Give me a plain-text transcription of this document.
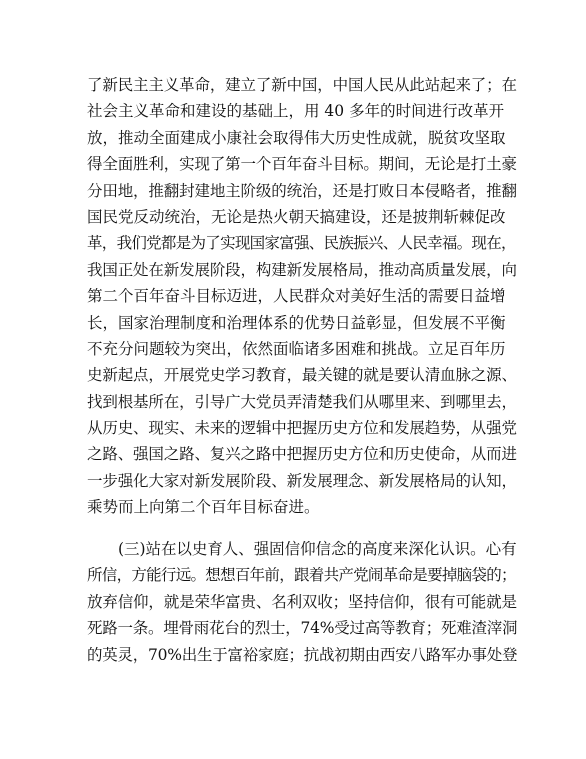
了新民主主义革命，建立了新中国，中国人民从此站起来了；在
社会主义革命和建设的基础上，用 40 多年的时间进行改革开
放，推动全面建成小康社会取得伟大历史性成就，脱贫攻坚取
得全面胜利，实现了第一个百年奋斗目标。期间，无论是打土豪
分田地，推翻封建地主阶级的统治，还是打败日本侵略者，推翻
国民党反动统治，无论是热火朝天搞建设，还是披荆斩棘促改
革，我们党都是为了实现国家富强、民族振兴、人民幸福。现在，
我国正处在新发展阶段，构建新发展格局，推动高质量发展，向
第二个百年奋斗目标迈进，人民群众对美好生活的需要日益增
长，国家治理制度和治理体系的优势日益彰显，但发展不平衡
不充分问题较为突出，依然面临诸多困难和挑战。立足百年历
史新起点，开展党史学习教育，最关键的就是要认清血脉之源、
找到根基所在，引导广大党员弄清楚我们从哪里来、到哪里去，
从历史、现实、未来的逻辑中把握历史方位和发展趋势，从强党
之路、强国之路、复兴之路中把握历史方位和历史使命，从而进
一步强化大家对新发展阶段、新发展理念、新发展格局的认知，
乘势而上向第二个百年目标奋进。
(三)站在以史育人、强固信仰信念的高度来深化认识。心有
所信，方能行远。想想百年前，跟着共产党闹革命是要掉脑袋的；
放弃信仰，就是荣华富贵、名利双收；坚持信仰，很有可能就是
死路一条。埋骨雨花台的烈士，74%受过高等教育；死难渣滓洞
的英灵，70%出生于富裕家庭；抗战初期由西安八路军办事处登
